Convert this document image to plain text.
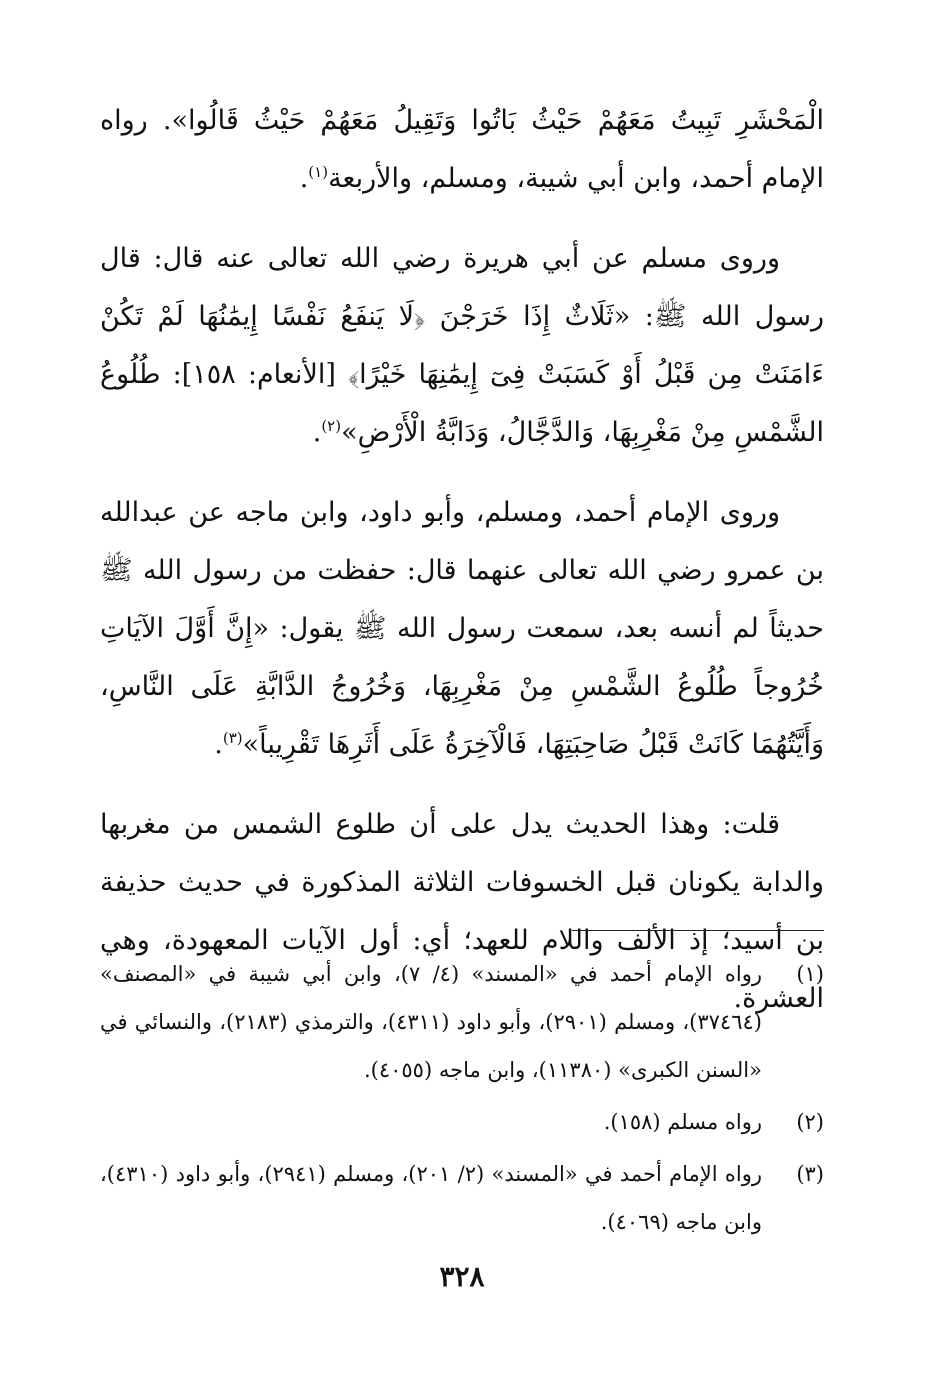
الْمَحْشَرِ تَبِيتُ مَعَهُمْ حَيْثُ بَاتُوا وَتَقِيلُ مَعَهُمْ حَيْثُ قَالُوا». رواه الإمام أحمد، وابن أبي شيبة، ومسلم، والأربعة$^{(١)}$.

وروى مسلم عن أبي هريرة رضي الله تعالى عنه قال: قال رسول الله ﷺ: «ثَلَاثٌ إِذَا خَرَجْنَ ﴿لَا يَنفَعُ نَفْسًا إِيمَٰنُهَا لَمْ تَكُنْ ءَامَنَتْ مِن قَبْلُ أَوْ كَسَبَتْ فِىٓ إِيمَٰنِهَا خَيْرًا﴾ [الأنعام: ١٥٨]: طُلُوعُ الشَّمْسِ مِنْ مَغْرِبِهَا، وَالدَّجَّالُ، وَدَابَّةُ الْأَرْضِ»$^{(٢)}$.

وروى الإمام أحمد، ومسلم، وأبو داود، وابن ماجه عن عبدالله بن عمرو رضي الله تعالى عنهما قال: حفظت من رسول الله ﷺ حديثاً لم أنسه بعد، سمعت رسول الله ﷺ يقول: «إِنَّ أَوَّلَ الآيَاتِ خُرُوجاً طُلُوعُ الشَّمْسِ مِنْ مَغْرِبِهَا، وَخُرُوجُ الدَّابَّةِ عَلَى النَّاسِ، وَأَيَّتُهُمَا كَانَتْ قَبْلُ صَاحِبَتِهَا، فَالْآخِرَةُ عَلَى أَثَرِهَا تَقْرِيباً»$^{(٣)}$.

قلت: وهذا الحديث يدل على أن طلوع الشمس من مغربها والدابة يكونان قبل الخسوفات الثلاثة المذكورة في حديث حذيفة بن أسيد؛ إذ الألف واللام للعهد؛ أي: أول الآيات المعهودة، وهي العشرة.

(١)
رواه الإمام أحمد في «المسند» (٤/ ٧)، وابن أبي شيبة في «المصنف» (٣٧٤٦٤)، ومسلم (٢٩٠١)، وأبو داود (٤٣١١)، والترمذي (٢١٨٣)، والنسائي في «السنن الكبرى» (١١٣٨٠)، وابن ماجه (٤٠٥٥).
(٢)
رواه مسلم (١٥٨).
(٣)
رواه الإمام أحمد في «المسند» (٢/ ٢٠١)، ومسلم (٢٩٤١)، وأبو داود (٤٣١٠)، وابن ماجه (٤٠٦٩).
٣٢٨
